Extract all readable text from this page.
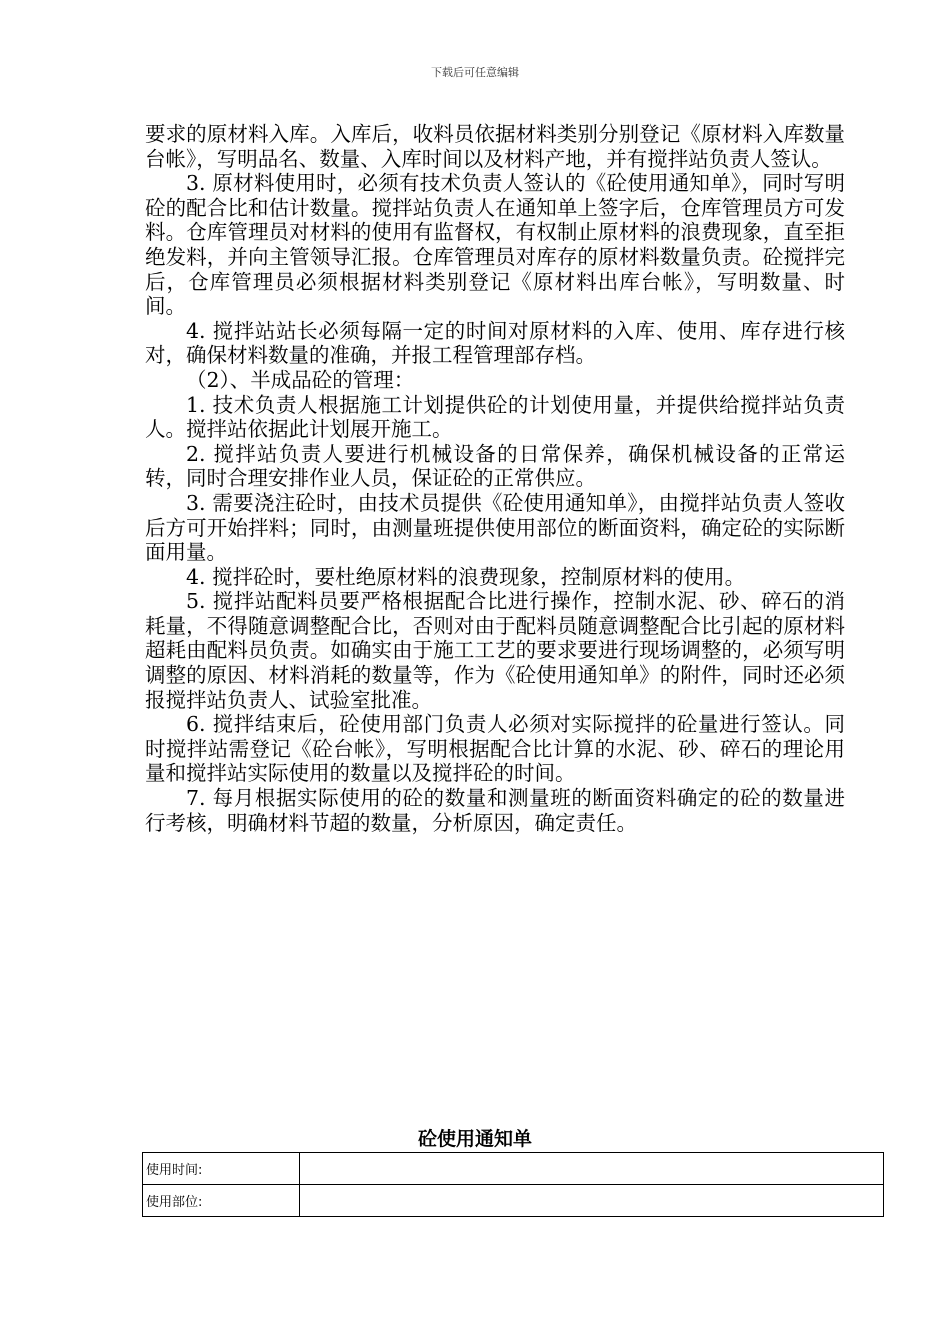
下载后可任意编辑

要求的原材料入库。入库后，收料员依据材料类别分别登记《原材料入库数量台帐》，写明品名、数量、入库时间以及材料产地，并有搅拌站负责人签认。

3. 原材料使用时，必须有技术负责人签认的《砼使用通知单》，同时写明砼的配合比和估计数量。搅拌站负责人在通知单上签字后，仓库管理员方可发料。仓库管理员对材料的使用有监督权，有权制止原材料的浪费现象，直至拒绝发料，并向主管领导汇报。仓库管理员对库存的原材料数量负责。砼搅拌完后，仓库管理员必须根据材料类别登记《原材料出库台帐》，写明数量、时间。

4. 搅拌站站长必须每隔一定的时间对原材料的入库、使用、库存进行核对，确保材料数量的准确，并报工程管理部存档。

（2）、半成品砼的管理：

1. 技术负责人根据施工计划提供砼的计划使用量，并提供给搅拌站负责人。搅拌站依据此计划展开施工。

2. 搅拌站负责人要进行机械设备的日常保养，确保机械设备的正常运转，同时合理安排作业人员，保证砼的正常供应。

3. 需要浇注砼时，由技术员提供《砼使用通知单》，由搅拌站负责人签收后方可开始拌料；同时，由测量班提供使用部位的断面资料，确定砼的实际断面用量。

4. 搅拌砼时，要杜绝原材料的浪费现象，控制原材料的使用。

5. 搅拌站配料员要严格根据配合比进行操作，控制水泥、砂、碎石的消耗量，不得随意调整配合比，否则对由于配料员随意调整配合比引起的原材料超耗由配料员负责。如确实由于施工工艺的要求要进行现场调整的，必须写明调整的原因、材料消耗的数量等，作为《砼使用通知单》的附件，同时还必须报搅拌站负责人、试验室批准。

6. 搅拌结束后，砼使用部门负责人必须对实际搅拌的砼量进行签认。同时搅拌站需登记《砼台帐》，写明根据配合比计算的水泥、砂、碎石的理论用量和搅拌站实际使用的数量以及搅拌砼的时间。

7. 每月根据实际使用的砼的数量和测量班的断面资料确定的砼的数量进行考核，明确材料节超的数量，分析原因，确定责任。

砼使用通知单
使用时间:	
使用部位:	
